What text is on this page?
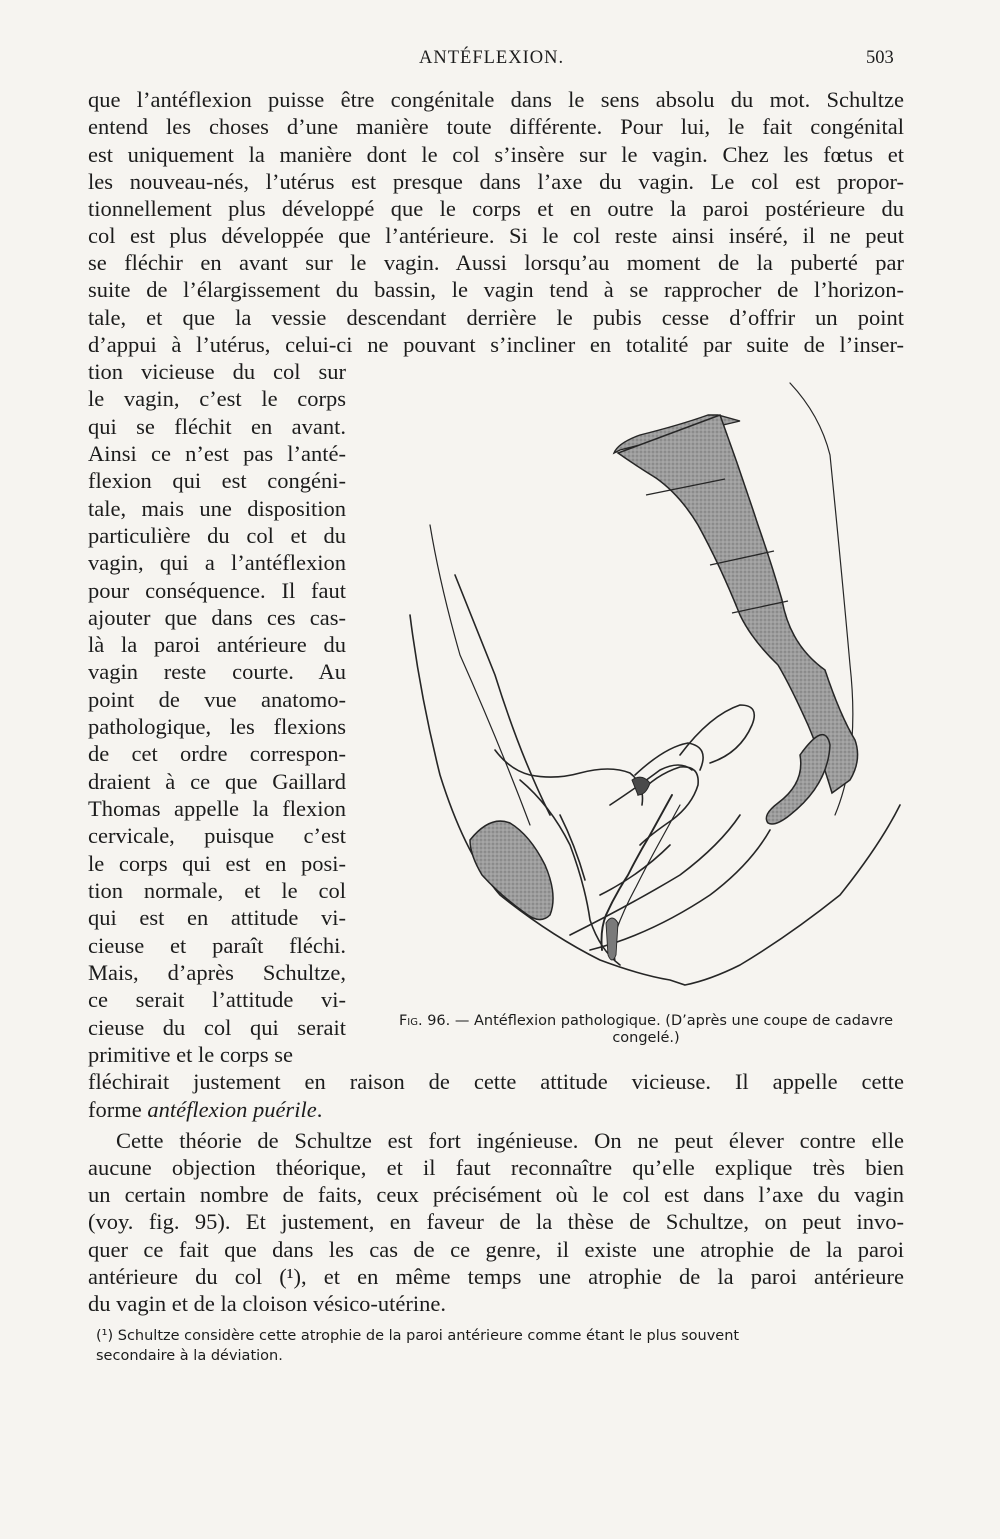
ANTÉFLEXION.	503
que l’antéflexion puisse être congénitale dans le sens absolu du mot. Schultze
entend les choses d’une manière toute différente. Pour lui, le fait congénital
est uniquement la manière dont le col s’insère sur le vagin. Chez les fœtus et
les nouveau-nés, l’utérus est presque dans l’axe du vagin. Le col est propor-
tionnellement plus développé que le corps et en outre la paroi postérieure du
col est plus développée que l’antérieure. Si le col reste ainsi inséré, il ne peut
se fléchir en avant sur le vagin. Aussi lorsqu’au moment de la puberté par
suite de l’élargissement du bassin, le vagin tend à se rapprocher de l’horizon-
tale, et que la vessie descendant derrière le pubis cesse d’offrir un point
d’appui à l’utérus, celui-ci ne pouvant s’incliner en totalité par suite de l’inser-
tion vicieuse du col sur
le vagin, c’est le corps
qui se fléchit en avant.
Ainsi ce n’est pas l’anté-
flexion qui est congéni-
tale, mais une disposition
particulière du col et du
vagin, qui a l’antéflexion
pour conséquence. Il faut
ajouter que dans ces cas-
là la paroi antérieure du
vagin reste courte. Au
point de vue anatomo-
pathologique, les flexions
de cet ordre correspon-
draient à ce que Gaillard
Thomas appelle la flexion
cervicale, puisque c’est
le corps qui est en posi-
tion normale, et le col
qui est en attitude vi-
cieuse et paraît fléchi.
Mais, d’après Schultze,
ce serait l’attitude vi-
cieuse du col qui serait
primitive et le corps se
Fig. 96. — Antéflexion pathologique. (D’après une coupe de cadavre
congelé.)
fléchirait justement en raison de cette attitude vicieuse. Il appelle cette
forme antéflexion puérile.
Cette théorie de Schultze est fort ingénieuse. On ne peut élever contre elle
aucune objection théorique, et il faut reconnaître qu’elle explique très bien
un certain nombre de faits, ceux précisément où le col est dans l’axe du vagin
(voy. fig. 95). Et justement, en faveur de la thèse de Schultze, on peut invo-
quer ce fait que dans les cas de ce genre, il existe une atrophie de la paroi
antérieure du col (¹), et en même temps une atrophie de la paroi antérieure
du vagin et de la cloison vésico-utérine.
(¹) Schultze considère cette atrophie de la paroi antérieure comme étant le plus souvent
secondaire à la déviation.
